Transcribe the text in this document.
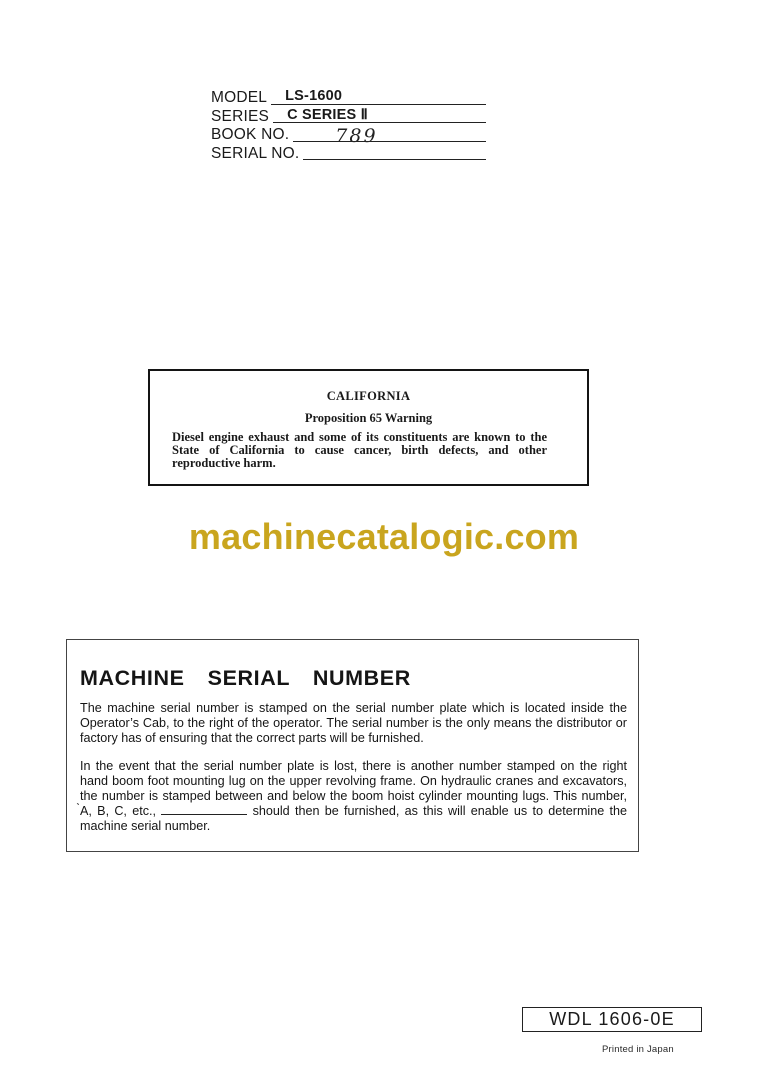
MODEL LS-1600
SERIES C SERIES Ⅱ
BOOK NO. 789
SERIAL NO.
CALIFORNIA
Proposition 65 Warning
Diesel engine exhaust and some of its constituents are known to the State of California to cause cancer, birth defects, and other reproductive harm.
machinecatalogic.com
MACHINE  SERIAL  NUMBER
The machine serial number is stamped on the serial number plate which is located inside the Operator’s Cab, to the right of the operator. The serial number is the only means the distributor or factory has of ensuring that the correct parts will be furnished.
In the event that the serial number plate is lost, there is another number stamped on the right hand boom foot mounting lug on the upper revolving frame. On hydraulic cranes and excavators, the number is stamped between and below the boom hoist cylinder mounting lugs. This number, ̀A, B, C, etc.,	should then be furnished, as this will enable us to determine the machine serial number.
WDL 1606-0E
Printed in Japan
